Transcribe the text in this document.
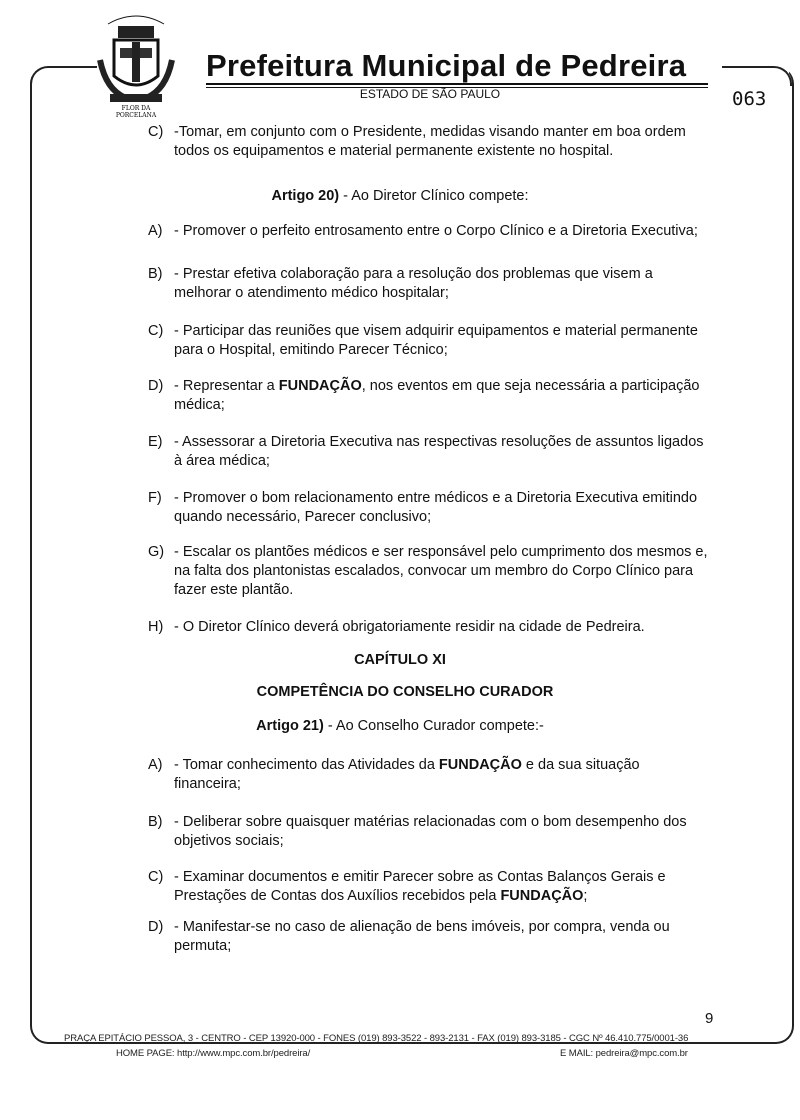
FLOR DA
PORCELANA
Prefeitura Municipal de Pedreira
ESTADO DE SÃO PAULO	063
C) -Tomar, em conjunto com o Presidente, medidas visando manter em boa ordem todos os equipamentos e material permanente existente no hospital.
Artigo 20) - Ao Diretor Clínico compete:
A) - Promover o perfeito entrosamento entre o Corpo Clínico e a Diretoria Executiva;
B) - Prestar efetiva colaboração para a resolução dos problemas que visem a melhorar o atendimento médico hospitalar;
C) - Participar das reuniões que visem adquirir equipamentos e material permanente para o Hospital, emitindo Parecer Técnico;
D) - Representar a FUNDAÇÃO, nos eventos em que seja necessária a participação médica;
E) - Assessorar a Diretoria Executiva nas respectivas resoluções de assuntos ligados à área médica;
F) - Promover o bom relacionamento entre médicos e a Diretoria Executiva emitindo quando necessário, Parecer conclusivo;
G) - Escalar os plantões médicos e ser responsável pelo cumprimento dos mesmos e, na falta dos plantonistas escalados, convocar um membro do Corpo Clínico para fazer este plantão.
H) - O Diretor Clínico deverá obrigatoriamente residir na cidade de Pedreira.
CAPÍTULO XI
COMPETÊNCIA DO CONSELHO CURADOR
Artigo 21) - Ao Conselho Curador compete:-
A) - Tomar conhecimento das Atividades da FUNDAÇÃO e da sua situação financeira;
B) - Deliberar sobre quaisquer matérias relacionadas com o bom desempenho dos objetivos sociais;
C) - Examinar documentos e emitir Parecer sobre as Contas Balanços Gerais e Prestações de Contas dos Auxílios recebidos pela FUNDAÇÃO;
D) - Manifestar-se no caso de alienação de bens imóveis, por compra, venda ou permuta;
9
PRAÇA EPITÁCIO PESSOA, 3 - CENTRO - CEP 13920-000 - FONES (019) 893-3522 - 893-2131 - FAX (019) 893-3185 - CGC Nº 46.410.775/0001-36
HOME PAGE: http://www.mpc.com.br/pedreira/	E MAIL: pedreira@mpc.com.br
